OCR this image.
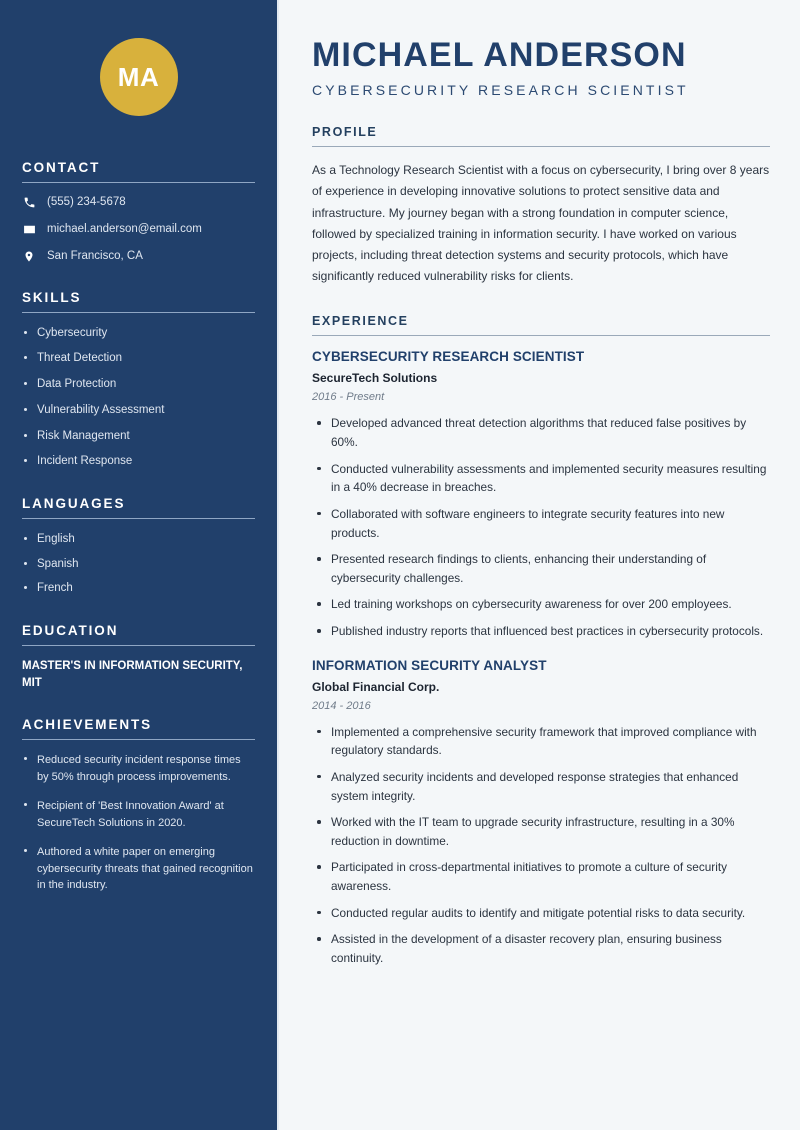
MA
CONTACT
(555) 234-5678
michael.anderson@email.com
San Francisco, CA
SKILLS
Cybersecurity
Threat Detection
Data Protection
Vulnerability Assessment
Risk Management
Incident Response
LANGUAGES
English
Spanish
French
EDUCATION
MASTER'S IN INFORMATION SECURITY, MIT
ACHIEVEMENTS
Reduced security incident response times by 50% through process improvements.
Recipient of 'Best Innovation Award' at SecureTech Solutions in 2020.
Authored a white paper on emerging cybersecurity threats that gained recognition in the industry.
MICHAEL ANDERSON
CYBERSECURITY RESEARCH SCIENTIST
PROFILE

As a Technology Research Scientist with a focus on cybersecurity, I bring over 8 years of experience in developing innovative solutions to protect sensitive data and infrastructure. My journey began with a strong foundation in computer science, followed by specialized training in information security. I have worked on various projects, including threat detection systems and security protocols, which have significantly reduced vulnerability risks for clients.

EXPERIENCE
CYBERSECURITY RESEARCH SCIENTIST
SecureTech Solutions
2016 - Present
Developed advanced threat detection algorithms that reduced false positives by 60%.
Conducted vulnerability assessments and implemented security measures resulting in a 40% decrease in breaches.
Collaborated with software engineers to integrate security features into new products.
Presented research findings to clients, enhancing their understanding of cybersecurity challenges.
Led training workshops on cybersecurity awareness for over 200 employees.
Published industry reports that influenced best practices in cybersecurity protocols.
INFORMATION SECURITY ANALYST
Global Financial Corp.
2014 - 2016
Implemented a comprehensive security framework that improved compliance with regulatory standards.
Analyzed security incidents and developed response strategies that enhanced system integrity.
Worked with the IT team to upgrade security infrastructure, resulting in a 30% reduction in downtime.
Participated in cross-departmental initiatives to promote a culture of security awareness.
Conducted regular audits to identify and mitigate potential risks to data security.
Assisted in the development of a disaster recovery plan, ensuring business continuity.
